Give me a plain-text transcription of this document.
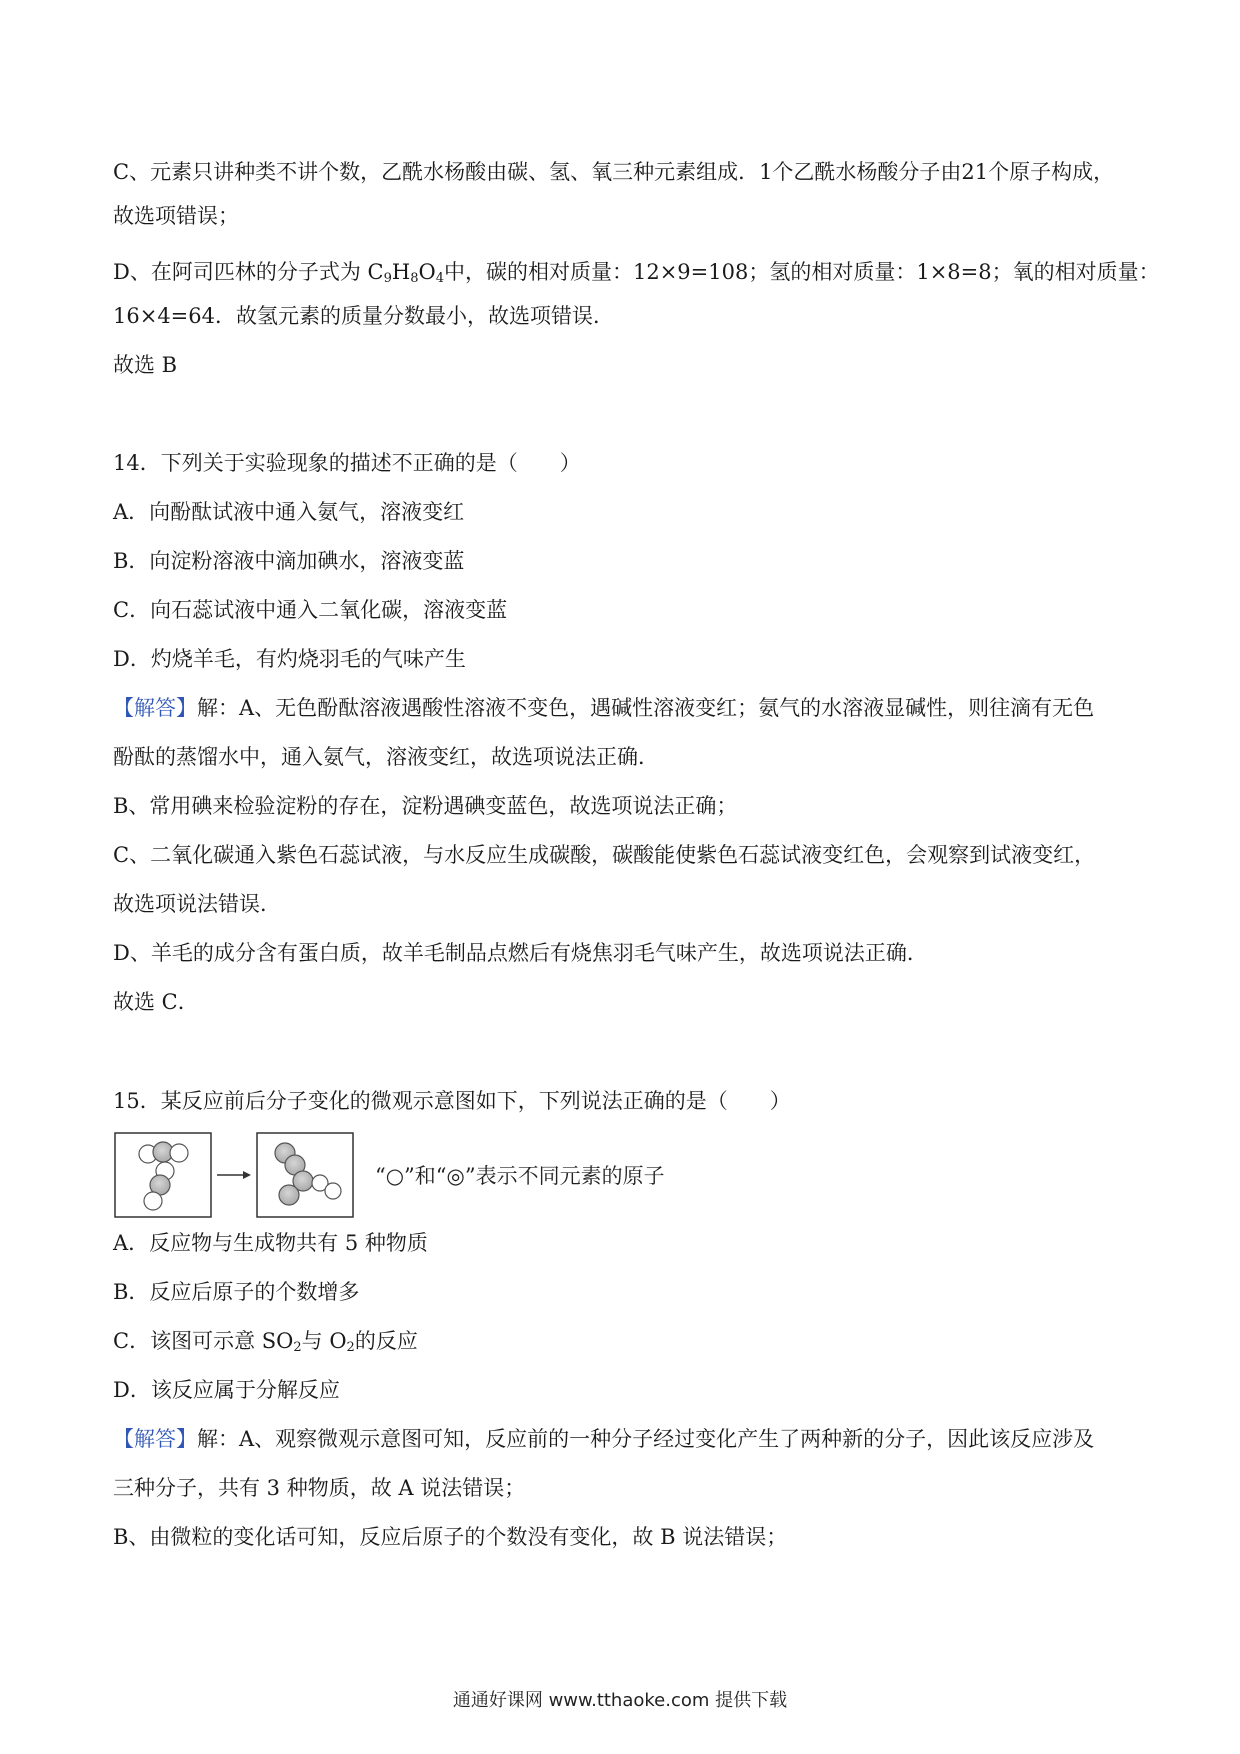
C、元素只讲种类不讲个数，乙酰水杨酸由碳、氢、氧三种元素组成．1个乙酰水杨酸分子由21个原子构成，
故选项错误；
D、在阿司匹林的分子式为 $C_9H_8O_4$中，碳的相对质量：12×9=108；氢的相对质量：1×8=8；氧的相对质量：
16×4=64．故氢元素的质量分数最小，故选项错误．
故选 B
14．下列关于实验现象的描述不正确的是（　　）
A．向酚酞试液中通入氨气，溶液变红
B．向淀粉溶液中滴加碘水，溶液变蓝
C．向石蕊试液中通入二氧化碳，溶液变蓝
D．灼烧羊毛，有灼烧羽毛的气味产生
【解答】解：A、无色酚酞溶液遇酸性溶液不变色，遇碱性溶液变红；氨气的水溶液显碱性，则往滴有无色
酚酞的蒸馏水中，通入氨气，溶液变红，故选项说法正确．
B、常用碘来检验淀粉的存在，淀粉遇碘变蓝色，故选项说法正确；
C、二氧化碳通入紫色石蕊试液，与水反应生成碳酸，碳酸能使紫色石蕊试液变红色，会观察到试液变红，
故选项说法错误．
D、羊毛的成分含有蛋白质，故羊毛制品点燃后有烧焦羽毛气味产生，故选项说法正确．
故选 C．
15．某反应前后分子变化的微观示意图如下，下列说法正确的是（　　）
“○”和“◎”表示不同元素的原子
A．反应物与生成物共有 5 种物质
B．反应后原子的个数增多
C．该图可示意 $SO_2$与 $O_2$的反应
D．该反应属于分解反应
【解答】解：A、观察微观示意图可知，反应前的一种分子经过变化产生了两种新的分子，因此该反应涉及
三种分子，共有 3 种物质，故 A 说法错误；
B、由微粒的变化话可知，反应后原子的个数没有变化，故 B 说法错误；
通通好课网 www.tthaoke.com 提供下载
